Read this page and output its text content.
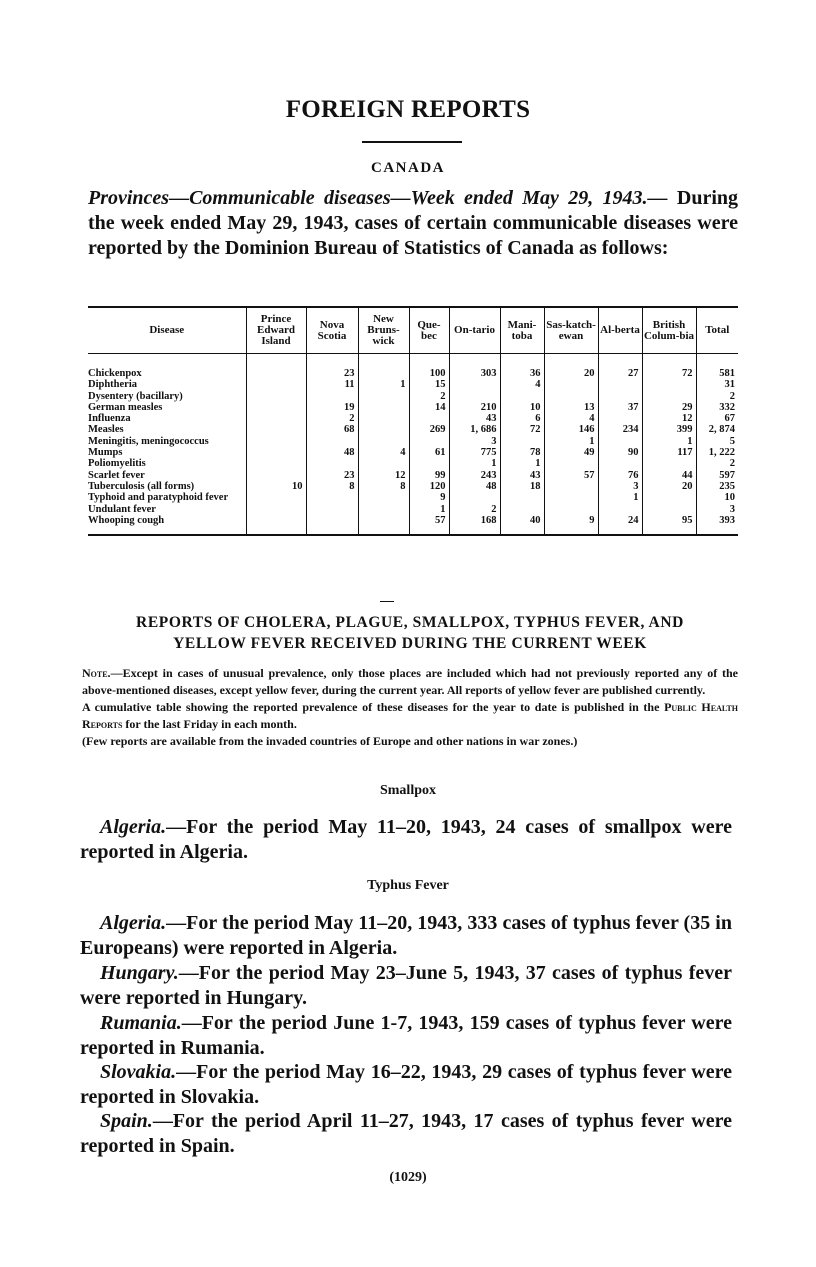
FOREIGN REPORTS
CANADA
Provinces—Communicable diseases—Week ended May 29, 1943.— During the week ended May 29, 1943, cases of certain communicable diseases were reported by the Dominion Bureau of Statistics of Canada as follows:
Disease	Prince Edward Island	Nova Scotia	New Bruns-wick	Que-bec	On-tario	Mani-toba	Sas-katch-ewan	Al-berta	British Colum-bia	Total
Chickenpox		23		100	303	36	20	27	72	581
Diphtheria		11	1	15		4				31
Dysentery (bacillary)				2						2
German measles		19		14	210	10	13	37	29	332
Influenza		2			43	6	4		12	67
Measles		68		269	1, 686	72	146	234	399	2, 874
Meningitis, meningococcus					3		1		1	5
Mumps		48	4	61	775	78	49	90	117	1, 222
Poliomyelitis					1	1				2
Scarlet fever		23	12	99	243	43	57	76	44	597
Tuberculosis (all forms)	10	8	8	120	48	18		3	20	235
Typhoid and paratyphoid fever				9				1		10
Undulant fever				1	2					3
Whooping cough				57	168	40	9	24	95	393
REPORTS OF CHOLERA, PLAGUE, SMALLPOX, TYPHUS FEVER, AND
YELLOW FEVER RECEIVED DURING THE CURRENT WEEK

Note.—Except in cases of unusual prevalence, only those places are included which had not previously reported any of the above-mentioned diseases, except yellow fever, during the current year. All reports of yellow fever are published currently.

A cumulative table showing the reported prevalence of these diseases for the year to date is published in the Public Health Reports for the last Friday in each month.

(Few reports are available from the invaded countries of Europe and other nations in war zones.)

Smallpox
Algeria.—For the period May 11–20, 1943, 24 cases of smallpox were reported in Algeria.
Typhus Fever
Algeria.—For the period May 11–20, 1943, 333 cases of typhus fever (35 in Europeans) were reported in Algeria.
Hungary.—For the period May 23–June 5, 1943, 37 cases of typhus fever were reported in Hungary.
Rumania.—For the period June 1-7, 1943, 159 cases of typhus fever were reported in Rumania.
Slovakia.—For the period May 16–22, 1943, 29 cases of typhus fever were reported in Slovakia.
Spain.—For the period April 11–27, 1943, 17 cases of typhus fever were reported in Spain.
(1029)
